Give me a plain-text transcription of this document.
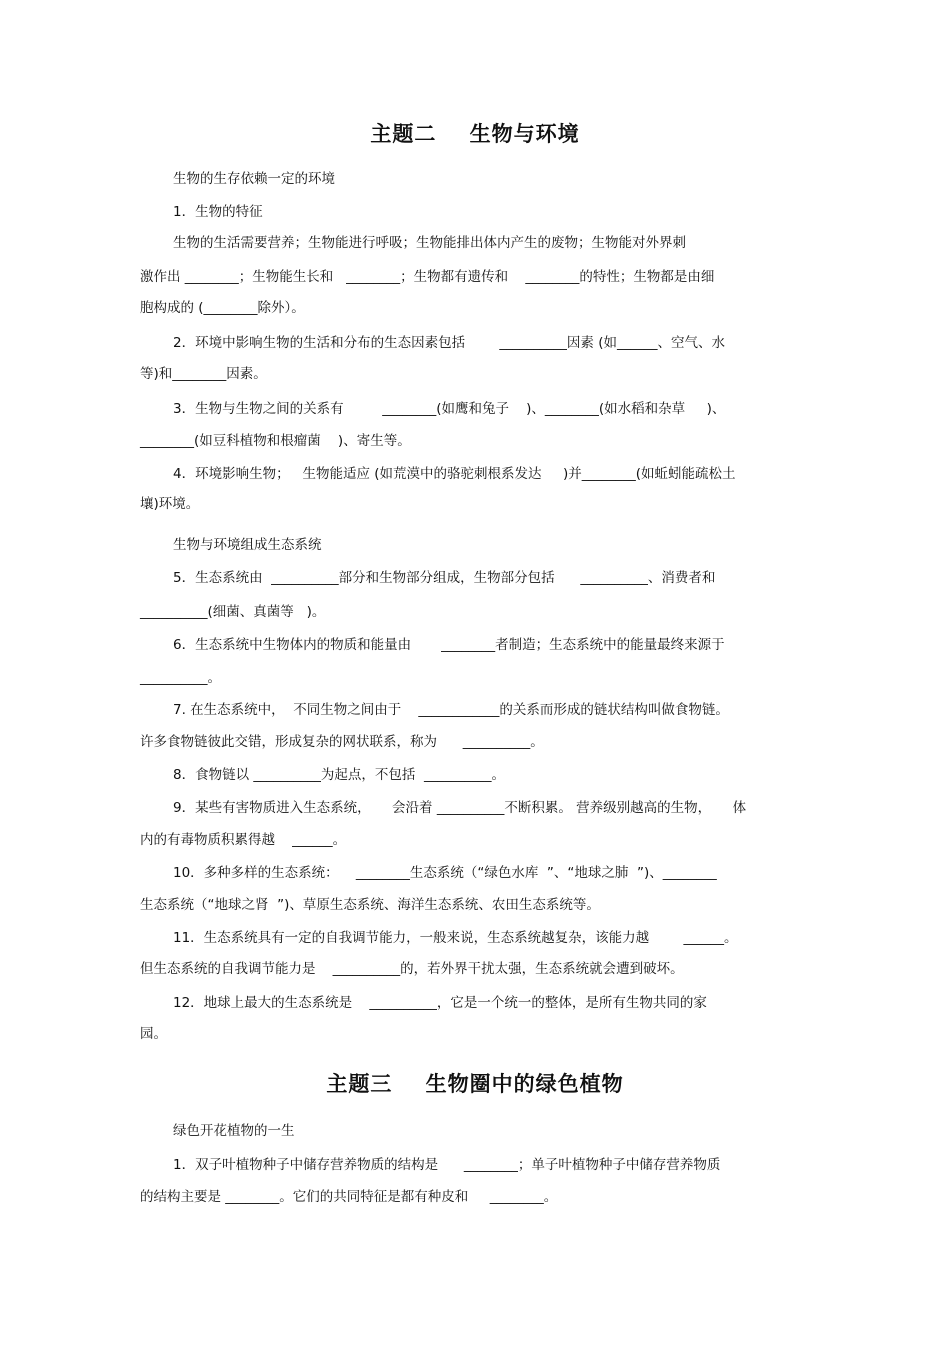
主题二    生物与环境

生物的生存依赖一定的环境

1．生物的特征

生物的生活需要营养；生物能进行呼吸；生物能排出体内产生的废物；生物能对外界刺

激作出 ________；生物能生长和   ________；生物都有遗传和    ________的特性；生物都是由细

胞构成的 (________除外）。

2．环境中影响生物的生活和分布的生态因素包括        __________因素 (如______、空气、水

等)和________因素。

3．生物与生物之间的关系有         ________(如鹰和兔子    )、________(如水稻和杂草     )、

________(如豆科植物和根瘤菌    )、寄生等。

4．环境影响生物；   生物能适应 (如荒漠中的骆驼刺根系发达     )并________(如蚯蚓能疏松土

壤)环境。

生物与环境组成生态系统

5．生态系统由  __________部分和生物部分组成，生物部分包括      __________、消费者和

__________(细菌、真菌等   )。

6．生态系统中生物体内的物质和能量由       ________者制造；生态系统中的能量最终来源于

__________。

7. 在生态系统中，  不同生物之间由于    ____________的关系而形成的链状结构叫做食物链。

许多食物链彼此交错，形成复杂的网状联系，称为      __________。

8．食物链以 __________为起点，不包括  __________。

9．某些有害物质进入生态系统，     会沿着 __________不断积累。 营养级别越高的生物，     体

内的有毒物质积累得越    ______。

10．多种多样的生态系统：    ________生态系统（“绿色水库  ”、“地球之肺  ”)、________

生态系统（“地球之肾  ”)、草原生态系统、海洋生态系统、农田生态系统等。

11．生态系统具有一定的自我调节能力，一般来说，生态系统越复杂，该能力越        ______。

但生态系统的自我调节能力是    __________的，若外界干扰太强，生态系统就会遭到破坏。

12．地球上最大的生态系统是    __________，它是一个统一的整体，是所有生物共同的家

园。

主题三    生物圈中的绿色植物

绿色开花植物的一生

1．双子叶植物种子中储存营养物质的结构是      ________；单子叶植物种子中储存营养物质

的结构主要是 ________。它们的共同特征是都有种皮和     ________。
